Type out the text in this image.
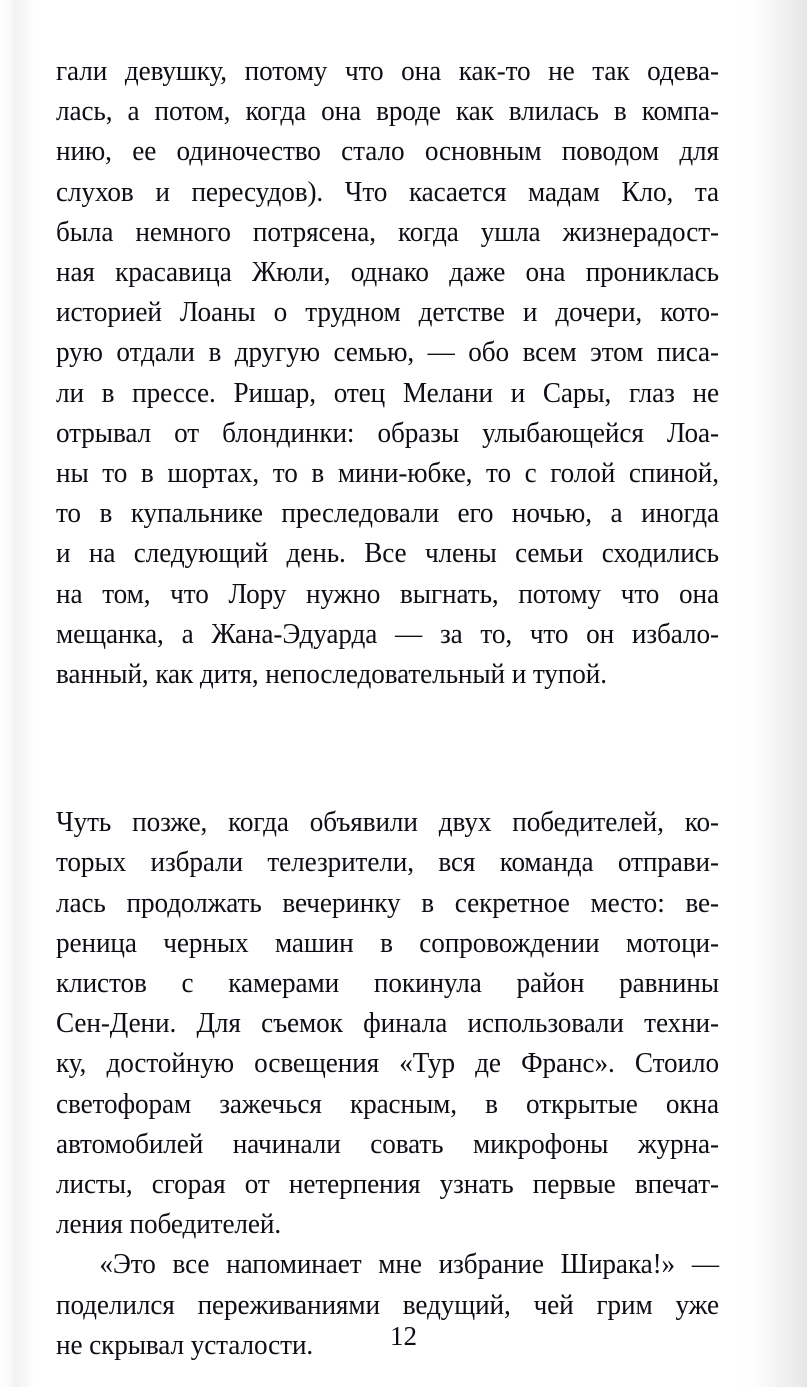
гали девушку, потому что она как-то не так одева-
лась, а потом, когда она вроде как влилась в компа-
нию, ее одиночество стало основным поводом для
слухов и пересудов). Что касается мадам Кло, та
была немного потрясена, когда ушла жизнерадост-
ная красавица Жюли, однако даже она прониклась
историей Лоаны о трудном детстве и дочери, кото-
рую отдали в другую семью, — обо всем этом писа-
ли в прессе. Ришар, отец Мелани и Сары, глаз не
отрывал от блондинки: образы улыбающейся Лоа-
ны то в шортах, то в мини-юбке, то с голой спиной,
то в купальнике преследовали его ночью, а иногда
и на следующий день. Все члены семьи сходились
на том, что Лору нужно выгнать, потому что она
мещанка, а Жана-Эдуарда — за то, что он избало-
ванный, как дитя, непоследовательный и тупой.

Чуть позже, когда объявили двух победителей, ко-
торых избрали телезрители, вся команда отправи-
лась продолжать вечеринку в секретное место: ве-
реница черных машин в сопровождении мотоци-
клистов с камерами покинула район равнины
Сен-Дени. Для съемок финала использовали техни-
ку, достойную освещения «Тур де Франс». Стоило
светофорам зажечься красным, в открытые окна
автомобилей начинали совать микрофоны журна-
листы, сгорая от нетерпения узнать первые впечат-
ления победителей.

«Это все напоминает мне избрание Ширака!» —
поделился переживаниями ведущий, чей грим уже
не скрывал усталости.	12
